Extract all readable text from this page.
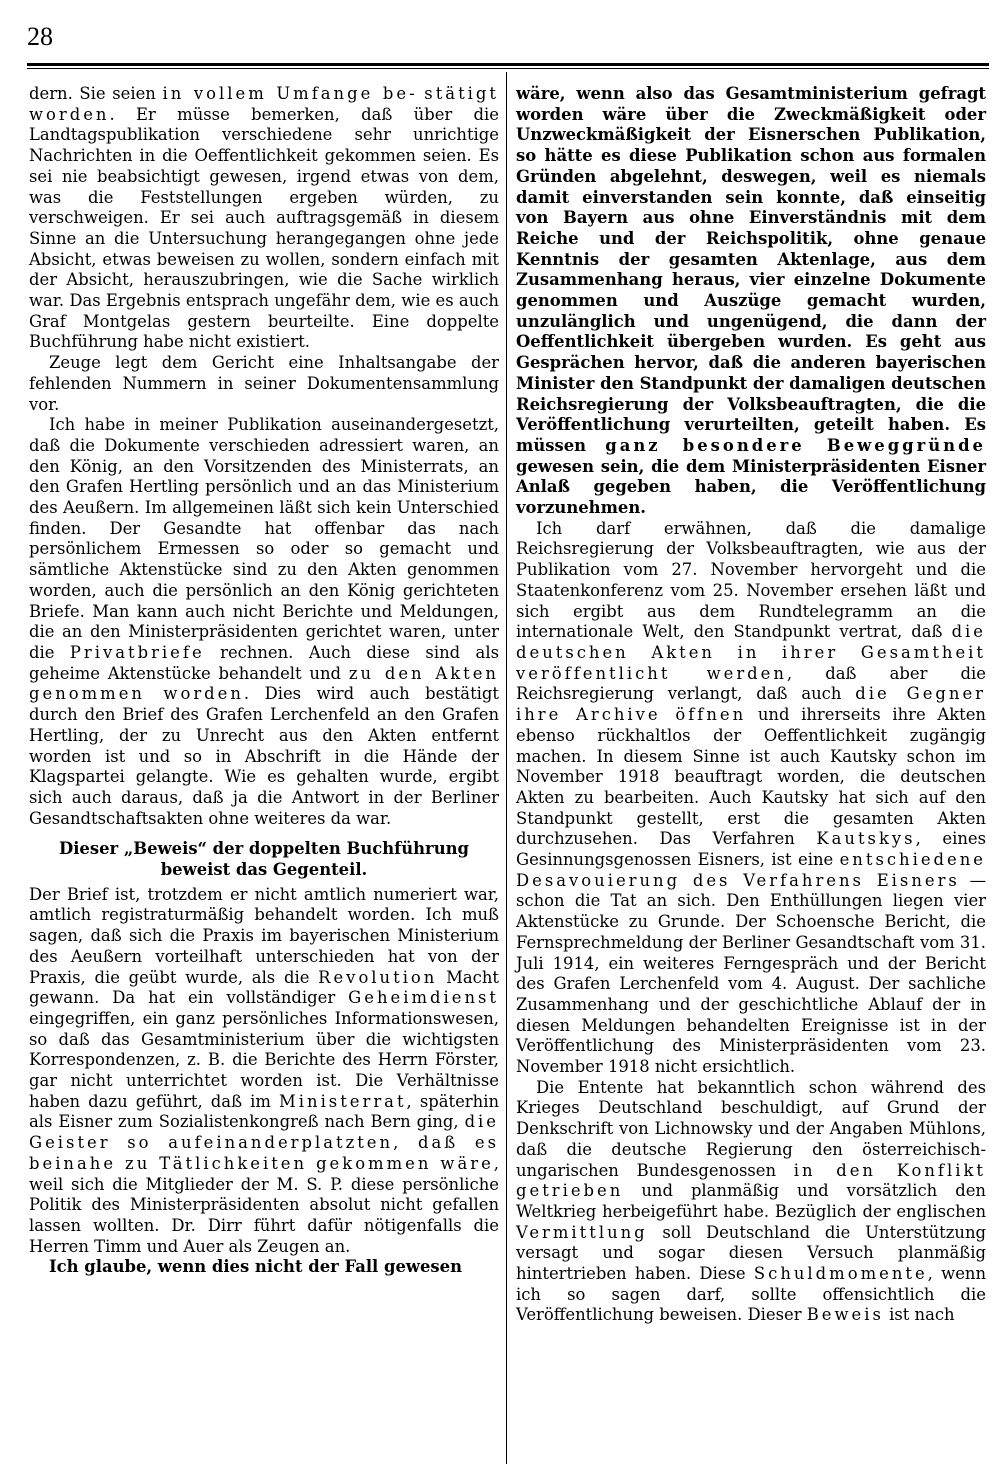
28

dern. Sie seien in vollem Umfange be- stätigt worden. Er müsse bemerken, daß über die Landtagspublikation verschiedene sehr unrichtige Nachrichten in die Oeffentlichkeit gekommen seien. Es sei nie beabsichtigt gewesen, irgend etwas von dem, was die Feststellungen ergeben würden, zu verschweigen. Er sei auch auftragsgemäß in diesem Sinne an die Untersuchung herangegangen ohne jede Absicht, etwas beweisen zu wollen, sondern einfach mit der Absicht, herauszubringen, wie die Sache wirklich war. Das Ergebnis entsprach ungefähr dem, wie es auch Graf Montgelas gestern beurteilte. Eine doppelte Buchführung habe nicht existiert.

Zeuge legt dem Gericht eine Inhaltsangabe der fehlenden Nummern in seiner Dokumentensammlung vor.

Ich habe in meiner Publikation auseinandergesetzt, daß die Dokumente verschieden adressiert waren, an den König, an den Vorsitzenden des Ministerrats, an den Grafen Hertling persönlich und an das Ministerium des Aeußern. Im allgemeinen läßt sich kein Unterschied finden. Der Gesandte hat offenbar das nach persönlichem Ermessen so oder so gemacht und sämtliche Aktenstücke sind zu den Akten genommen worden, auch die persönlich an den König gerichteten Briefe. Man kann auch nicht Berichte und Meldungen, die an den Ministerpräsidenten gerichtet waren, unter die Privatbriefe rechnen. Auch diese sind als geheime Aktenstücke behandelt und zu den Akten genommen worden. Dies wird auch bestätigt durch den Brief des Grafen Lerchenfeld an den Grafen Hertling, der zu Unrecht aus den Akten entfernt worden ist und so in Abschrift in die Hände der Klagspartei gelangte. Wie es gehalten wurde, ergibt sich auch daraus, daß ja die Antwort in der Berliner Gesandtschaftsakten ohne weiteres da war.

Dieser „Beweis“ der doppelten Buchführung
beweist das Gegenteil.

Der Brief ist, trotzdem er nicht amtlich numeriert war, amtlich registraturmäßig behandelt worden. Ich muß sagen, daß sich die Praxis im bayerischen Ministerium des Aeußern vorteilhaft unterschieden hat von der Praxis, die geübt wurde, als die Revolution Macht gewann. Da hat ein vollständiger Geheimdienst eingegriffen, ein ganz persönliches Informationswesen, so daß das Gesamtministerium über die wichtigsten Korrespondenzen, z. B. die Berichte des Herrn Förster, gar nicht unterrichtet worden ist. Die Verhältnisse haben dazu geführt, daß im Ministerrat, späterhin als Eisner zum Sozialistenkongreß nach Bern ging, die Geister so aufeinanderplatzten, daß es beinahe zu Tätlichkeiten gekommen wäre, weil sich die Mitglieder der M. S. P. diese persönliche Politik des Ministerpräsidenten absolut nicht gefallen lassen wollten. Dr. Dirr führt dafür nötigenfalls die Herren Timm und Auer als Zeugen an.

Ich glaube, wenn dies nicht der Fall gewesen

wäre, wenn also das Gesamtministerium gefragt worden wäre über die Zweckmäßigkeit oder Unzweckmäßigkeit der Eisnerschen Publikation, so hätte es diese Publikation schon aus formalen Gründen abgelehnt, deswegen, weil es niemals damit einverstanden sein konnte, daß einseitig von Bayern aus ohne Einverständnis mit dem Reiche und der Reichspolitik, ohne genaue Kenntnis der gesamten Aktenlage, aus dem Zusammenhang heraus, vier einzelne Dokumente genommen und Auszüge gemacht wurden, unzulänglich und ungenügend, die dann der Oeffentlichkeit übergeben wurden. Es geht aus Gesprächen hervor, daß die anderen bayerischen Minister den Standpunkt der damaligen deutschen Reichsregierung der Volksbeauftragten, die die Veröffentlichung verurteilten, geteilt haben. Es müssen ganz besondere Beweggründe gewesen sein, die dem Ministerpräsidenten Eisner Anlaß gegeben haben, die Veröffentlichung vorzunehmen.

Ich darf erwähnen, daß die damalige Reichsregierung der Volksbeauftragten, wie aus der Publikation vom 27. November hervorgeht und die Staatenkonferenz vom 25. November ersehen läßt und sich ergibt aus dem Rundtelegramm an die internationale Welt, den Standpunkt vertrat, daß die deutschen Akten in ihrer Gesamtheit veröffentlicht werden, daß aber die Reichsregierung verlangt, daß auch die Gegner ihre Archive öffnen und ihrerseits ihre Akten ebenso rückhaltlos der Oeffentlichkeit zugängig machen. In diesem Sinne ist auch Kautsky schon im November 1918 beauftragt worden, die deutschen Akten zu bearbeiten. Auch Kautsky hat sich auf den Standpunkt gestellt, erst die gesamten Akten durchzusehen. Das Verfahren Kautskys, eines Gesinnungsgenossen Eisners, ist eine entschiedene Desavouierung des Verfahrens Eisners — schon die Tat an sich. Den Enthüllungen liegen vier Aktenstücke zu Grunde. Der Schoensche Bericht, die Fernsprechmeldung der Berliner Gesandtschaft vom 31. Juli 1914, ein weiteres Ferngespräch und der Bericht des Grafen Lerchenfeld vom 4. August. Der sachliche Zusammenhang und der geschichtliche Ablauf der in diesen Meldungen behandelten Ereignisse ist in der Veröffentlichung des Ministerpräsidenten vom 23. November 1918 nicht ersichtlich.

Die Entente hat bekanntlich schon während des Krieges Deutschland beschuldigt, auf Grund der Denkschrift von Lichnowsky und der Angaben Mühlons, daß die deutsche Regierung den österreichisch-ungarischen Bundesgenossen in den Konflikt getrieben und planmäßig und vorsätzlich den Weltkrieg herbeigeführt habe. Bezüglich der englischen Vermittlung soll Deutschland die Unterstützung versagt und sogar diesen Versuch planmäßig hintertrieben haben. Diese Schuldmomente, wenn ich so sagen darf, sollte offensichtlich die Veröffentlichung beweisen. Dieser Beweis ist nach
